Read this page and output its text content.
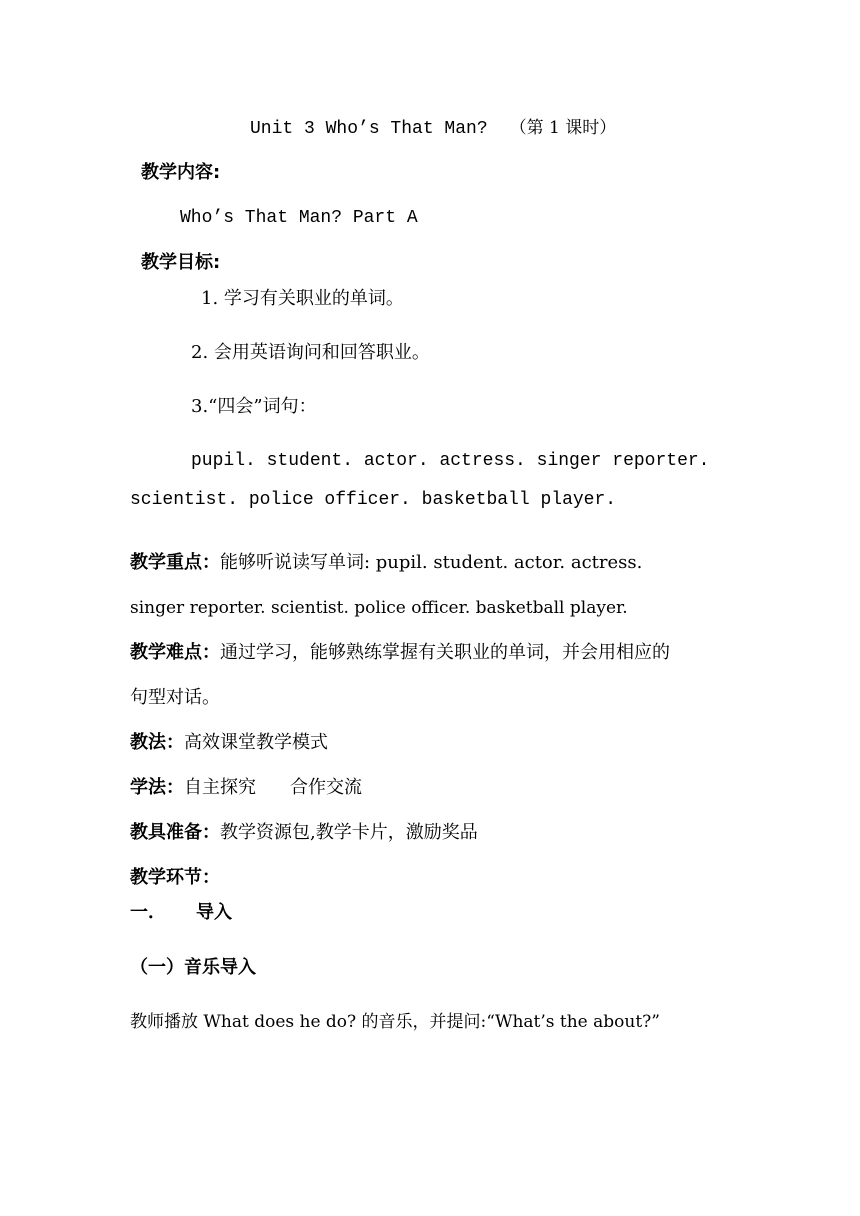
Unit 3 Who’s That Man? （第 1 课时）
教学内容:
Who’s That Man? Part A
教学目标:
1. 学习有关职业的单词。
2. 会用英语询问和回答职业。
3.“四会”词句：
pupil. student. actor. actress. singer reporter.
scientist. police officer. basketball player.
教学重点：能够听说读写单词: pupil. student. actor. actress.
singer reporter. scientist. police officer. basketball player.
教学难点：通过学习，能够熟练掌握有关职业的单词，并会用相应的
句型对话。
教法：高效课堂教学模式
学法：自主探究 合作交流
教具准备：教学资源包,教学卡片，激励奖品
教学环节：
一． 导入
（一）音乐导入
教师播放 What does he do? 的音乐，并提问:“What’s the about?”
